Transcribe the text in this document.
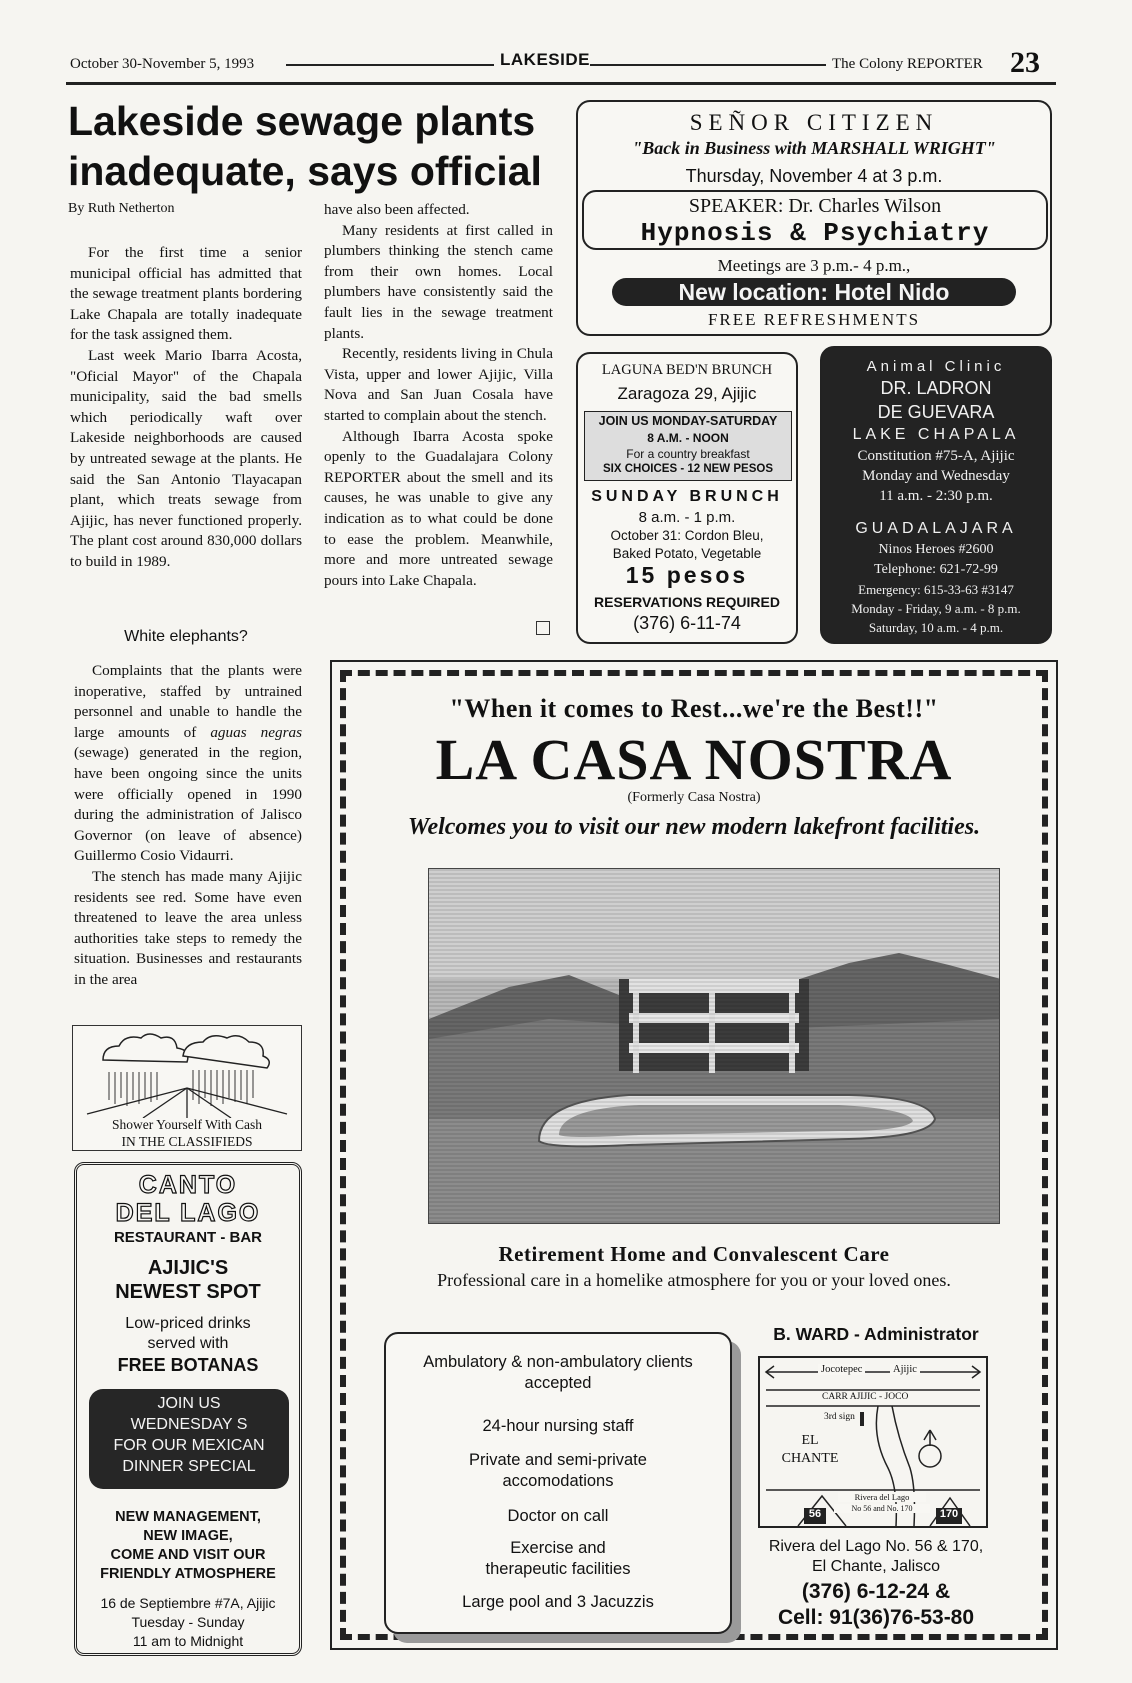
October 30-November 5, 1993	LAKESIDE	The Colony REPORTER 23
Lakeside sewage plants inadequate, says official
By Ruth Netherton

For the first time a senior municipal official has admitted that the sewage treatment plants bordering Lake Chapala are totally inadequate for the task assigned them.

Last week Mario Ibarra Acosta, "Oficial Mayor" of the Chapala municipality, said the bad smells which periodically waft over Lakeside neighborhoods are caused by untreated sewage at the plants. He said the San Antonio Tlayacapan plant, which treats sewage from Ajijic, has never functioned properly. The plant cost around 830,000 dollars to build in 1989.

White elephants?

Complaints that the plants were inoperative, staffed by untrained personnel and unable to handle the large amounts of aguas negras (sewage) generated in the region, have been ongoing since the units were officially opened in 1990 during the administration of Jalisco Governor (on leave of absence) Guillermo Cosio Vidaurri.

The stench has made many Ajijic residents see red. Some have even threatened to leave the area unless authorities take steps to remedy the situation. Businesses and restaurants in the area

have also been affected.

Many residents at first called in plumbers thinking the stench came from their own homes. Local plumbers have consistently said the fault lies in the sewage treatment plants.

Recently, residents living in Chula Vista, upper and lower Ajijic, Villa Nova and San Juan Cosala have started to complain about the stench.

Although Ibarra Acosta spoke openly to the Guadalajara Colony REPORTER about the smell and its causes, he was unable to give any indication as to what could be done to ease the problem. Meanwhile, more and more untreated sewage pours into Lake Chapala.

SEÑOR CITIZEN
"Back in Business with MARSHALL WRIGHT"
Thursday, November 4 at 3 p.m.
SPEAKER: Dr. Charles Wilson
Hypnosis & Psychiatry
Meetings are 3 p.m.- 4 p.m.,
New location: Hotel Nido
FREE REFRESHMENTS
LAGUNA BED'N BRUNCH
Zaragoza 29, Ajijic
JOIN US MONDAY-SATURDAY
8 A.M. - NOON
For a country breakfast
SIX CHOICES - 12 NEW PESOS
SUNDAY BRUNCH
8 a.m. - 1 p.m.
October 31: Cordon Bleu,
Baked Potato, Vegetable
15 pesos
RESERVATIONS REQUIRED
(376) 6-11-74
Animal Clinic
DR. LADRON
DE GUEVARA
LAKE CHAPALA
Constitution #75-A, Ajijic
Monday and Wednesday
11 a.m. - 2:30 p.m.
GUADALAJARA
Ninos Heroes #2600
Telephone: 621-72-99
Emergency: 615-33-63 #3147
Monday - Friday, 9 a.m. - 8 p.m.
Saturday, 10 a.m. - 4 p.m.
Shower Yourself With Cash
IN THE CLASSIFIEDS
CANTO
DEL LAGO
RESTAURANT - BAR
AJIJIC'S
NEWEST SPOT
Low-priced drinks
served with
FREE BOTANAS
JOIN US
WEDNESDAY S
FOR OUR MEXICAN
DINNER SPECIAL
NEW MANAGEMENT,
NEW IMAGE,
COME AND VISIT OUR
FRIENDLY ATMOSPHERE
16 de Septiembre #7A, Ajijic
Tuesday - Sunday
11 am to Midnight
"When it comes to Rest...we're the Best!!"
LA CASA NOSTRA
(Formerly Casa Nostra)
Welcomes you to visit our new modern lakefront facilities.
Retirement Home and Convalescent Care
Professional care in a homelike atmosphere for you or your loved ones.
Ambulatory & non-ambulatory clients accepted
24-hour nursing staff
Private and semi-private accomodations
Doctor on call
Exercise and therapeutic facilities
Large pool and 3 Jacuzzis
B. WARD - Administrator
Jocotepec	Ajijic
CARR AJIJIC - JOCO
3rd sign
EL CHANTE
56	170
Rivera del Lago
No 56 and No. 170
Rivera del Lago No. 56 & 170,
El Chante, Jalisco
(376) 6-12-24 &
Cell: 91(36)76-53-80
